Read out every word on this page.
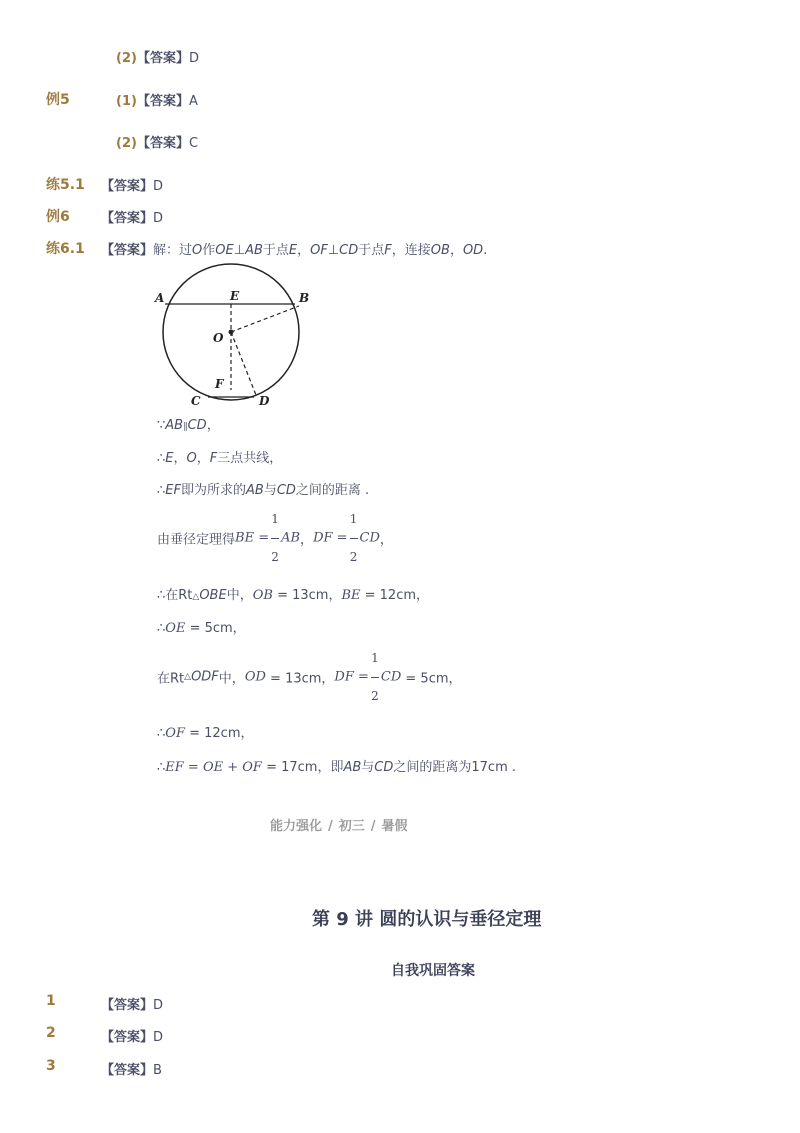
(2)【答案】D
例5	(1)【答案】A
(2)【答案】C
练5.1 【答案】D
例6 【答案】D
练6.1 【答案】解：过O作OE⊥AB于点E，OF⊥CD于点F，连接OB，OD.
A	B
E
O
F
C	D
∵AB∥CD，
∴E，O，F三点共线，
∴EF即为所求的AB与CD之间的距离 .
由垂径定理得BE = $\frac{1}{2}$ AB，DF = $\frac{1}{2}$ CD，
∴在Rt△OBE中，OB = 13cm，BE = 12cm，
∴OE = 5cm，
在Rt△ODF中，OD = 13cm，DF = $\frac{1}{2}$ CD = 5cm，
∴OF = 12cm，
∴EF = OE + OF = 17cm，即AB与CD之间的距离为17cm .
能力强化 / 初三 / 暑假
第 9 讲 圆的认识与垂径定理
自我巩固答案
1	【答案】D
2	【答案】D
3	【答案】B
